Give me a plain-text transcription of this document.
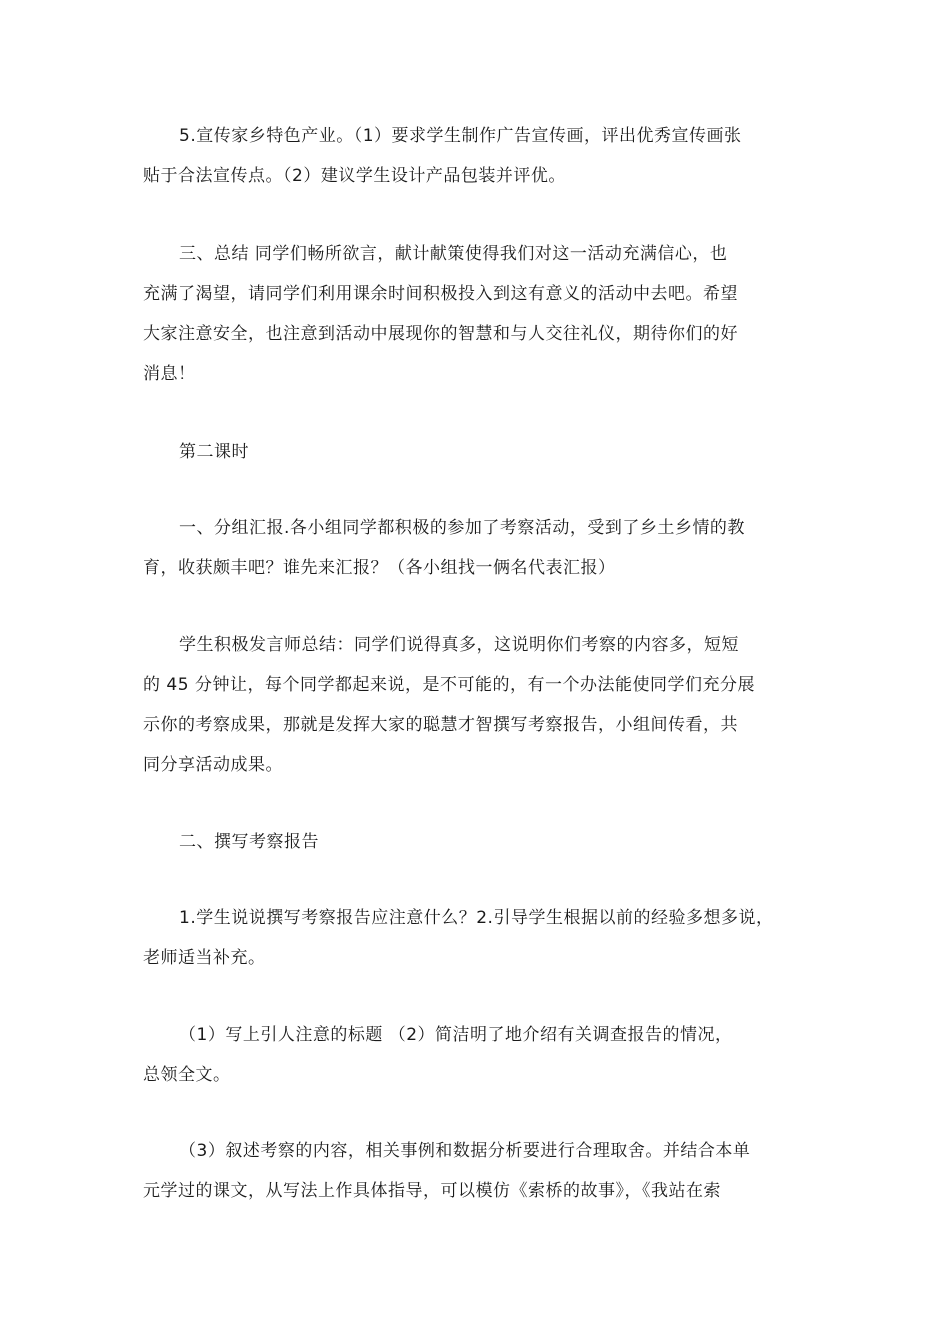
5.宣传家乡特色产业。（1）要求学生制作广告宣传画，评出优秀宣传画张
贴于合法宣传点。（2）建议学生设计产品包装并评优。

三、总结 同学们畅所欲言，献计献策使得我们对这一活动充满信心，也
充满了渴望，请同学们利用课余时间积极投入到这有意义的活动中去吧。希望
大家注意安全，也注意到活动中展现你的智慧和与人交往礼仪，期待你们的好
消息！

第二课时

一、分组汇报.各小组同学都积极的参加了考察活动，受到了乡土乡情的教
育，收获颇丰吧？谁先来汇报？（各小组找一俩名代表汇报）

学生积极发言师总结：同学们说得真多，这说明你们考察的内容多，短短
的 45 分钟让，每个同学都起来说，是不可能的，有一个办法能使同学们充分展
示你的考察成果，那就是发挥大家的聪慧才智撰写考察报告，小组间传看，共
同分享活动成果。

二、撰写考察报告

1.学生说说撰写考察报告应注意什么？2.引导学生根据以前的经验多想多说，
老师适当补充。

（1）写上引人注意的标题 （2）简洁明了地介绍有关调查报告的情况，
总领全文。

（3）叙述考察的内容，相关事例和数据分析要进行合理取舍。并结合本单
元学过的课文，从写法上作具体指导，可以模仿《索桥的故事》，《我站在索
